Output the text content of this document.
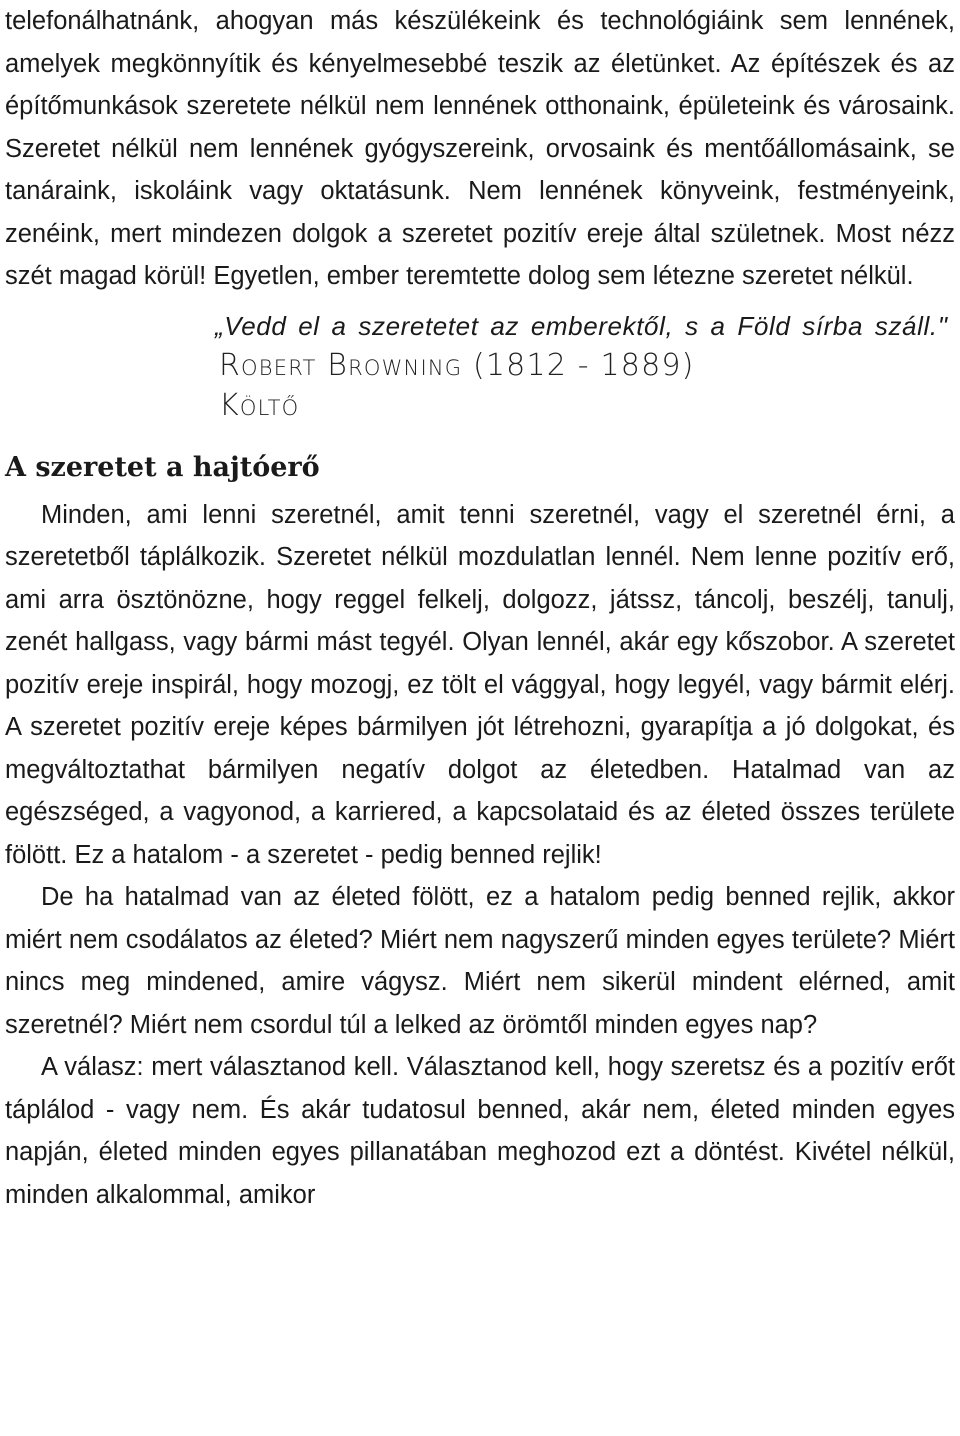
telefonálhatnánk, ahogyan más készülékeink és technológiáink sem lennének, amelyek megkönnyítik és kényelmesebbé teszik az életünket. Az építészek és az építőmunkások szeretete nélkül nem lennének otthonaink, épületeink és városaink. Szeretet nélkül nem lennének gyógyszereink, orvosaink és mentőállomásaink, se tanáraink, iskoláink vagy oktatásunk. Nem lennének könyveink, festményeink, zenéink, mert mindezen dolgok a szeretet pozitív ereje által születnek. Most nézz szét magad körül! Egyetlen, ember teremtette dolog sem létezne szeretet nélkül.

„Vedd el a szeretetet az emberektől, s a Föld sírba száll."

Robert Browning (1812 - 1889)

Költő

A szeretet a hajtóerő

Minden, ami lenni szeretnél, amit tenni szeretnél, vagy el szeretnél érni, a szeretetből táplálkozik. Szeretet nélkül mozdulatlan lennél. Nem lenne pozitív erő, ami arra ösztönözne, hogy reggel felkelj, dolgozz, játssz, táncolj, beszélj, tanulj, zenét hallgass, vagy bármi mást tegyél. Olyan lennél, akár egy kőszobor. A szeretet pozitív ereje inspirál, hogy mozogj, ez tölt el vággyal, hogy legyél, vagy bármit elérj. A szeretet pozitív ereje képes bármilyen jót létrehozni, gyarapítja a jó dolgokat, és megváltoztathat bármilyen negatív dolgot az életedben. Hatalmad van az egészséged, a vagyonod, a karriered, a kapcsolataid és az életed összes területe fölött. Ez a hatalom - a szeretet - pedig benned rejlik!

De ha hatalmad van az életed fölött, ez a hatalom pedig benned rejlik, akkor miért nem csodálatos az életed? Miért nem nagyszerű minden egyes területe? Miért nincs meg mindened, amire vágysz. Miért nem sikerül mindent elérned, amit szeretnél? Miért nem csordul túl a lelked az örömtől minden egyes nap?

A válasz: mert választanod kell. Választanod kell, hogy szeretsz és a pozitív erőt táplálod - vagy nem. És akár tudatosul benned, akár nem, életed minden egyes napján, életed minden egyes pillanatában meghozod ezt a döntést. Kivétel nélkül, minden alkalommal, amikor
